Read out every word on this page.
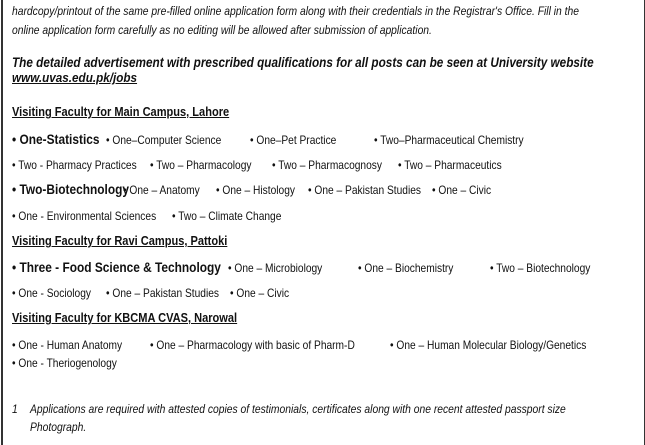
hardcopy/printout of the same pre-filled online application form along with their credentials in the Registrar's Office. Fill in the
online application form carefully as no editing will be allowed after submission of application.
The detailed advertisement with prescribed qualifications for all posts can be seen at University website
www.uvas.edu.pk/jobs
Visiting Faculty for Main Campus, Lahore
• One-Statistics • One–Computer Science • One–Pet Practice	• Two–Pharmaceutical Chemistry
• Two - Pharmacy Practices • Two – Pharmacology • Two – Pharmacognosy • Two – Pharmaceutics
• Two-Biotechnology
• One – Anatomy • One – Histology • One – Pakistan Studies • One – Civic
• One - Environmental Sciences • Two – Climate Change
Visiting Faculty for Ravi Campus, Pattoki
• Three - Food Science & Technology • One – Microbiology	• One – Biochemistry	• Two – Biotechnology
• One - Sociology • One – Pakistan Studies • One – Civic
Visiting Faculty for KBCMA CVAS, Narowal
• One - Human Anatomy • One – Pharmacology with basic of Pharm-D	• One – Human Molecular Biology/Genetics
• One - Theriogenology
1 Applications are required with attested copies of testimonials, certificates along with one recent attested passport size
Photograph.
